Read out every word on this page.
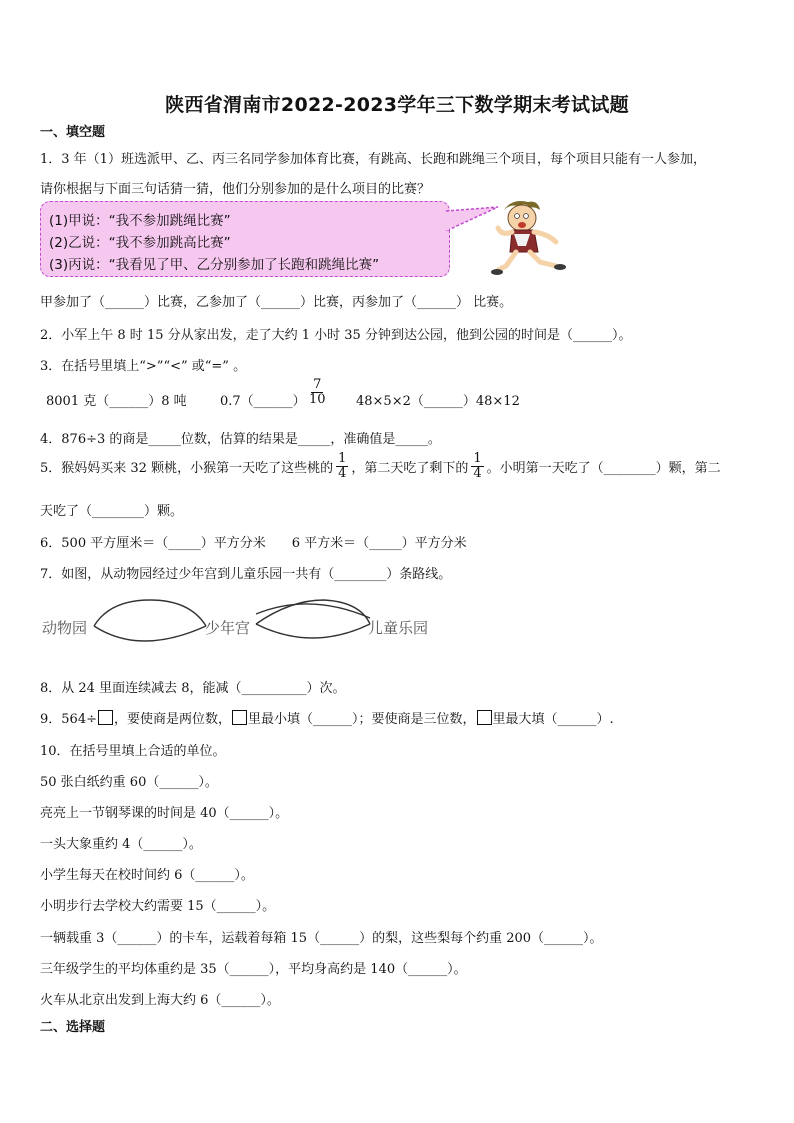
陕西省渭南市2022-2023学年三下数学期末考试试题
一、填空题
1．3 年（1）班选派甲、乙、丙三名同学参加体育比赛，有跳高、长跑和跳绳三个项目，每个项目只能有一人参加，
请你根据与下面三句话猜一猜，他们分别参加的是什么项目的比赛？
(1)甲说：“我不参加跳绳比赛”
(2)乙说：“我不参加跳高比赛”
(3)丙说：“我看见了甲、乙分别参加了长跑和跳绳比赛”
甲参加了（______）比赛，乙参加了（______）比赛，丙参加了（______） 比赛。
2．小军上午 8 时 15 分从家出发，走了大约 1 小时 35 分钟到达公园，他到公园的时间是（______）。
3．在括号里填上“>”“<” 或“=” 。
8001 克（______）8 吨	0.7（______） $\frac{7}{10}$ 48×5×2（______）48×12
4．876÷3 的商是_____位数，估算的结果是_____，准确值是_____。
5．猴妈妈买来 32 颗桃，小猴第一天吃了这些桃的 $\frac{1}{4}$ ，第二天吃了剩下的 $\frac{1}{4}$ 。小明第一天吃了（________）颗，第二
天吃了（________）颗。
6．500 平方厘米＝（_____）平方分米　　6 平方米＝（_____）平方分米
7．如图，从动物园经过少年宫到儿童乐园一共有（________）条路线。
动物园	少年宫	儿童乐园
8．从 24 里面连续减去 8，能减（__________）次。
9．564÷ ，要使商是两位数， 里最小填（______）；要使商是三位数， 里最大填（______）.
10．在括号里填上合适的单位。
50 张白纸约重 60（______）。
亮亮上一节钢琴课的时间是 40（______）。
一头大象重约 4（______）。
小学生每天在校时间约 6（______）。
小明步行去学校大约需要 15（______）。
一辆载重 3（______）的卡车，运载着每箱 15（______）的梨，这些梨每个约重 200（______）。
三年级学生的平均体重约是 35（______），平均身高约是 140（______）。
火车从北京出发到上海大约 6（______）。
二、选择题
